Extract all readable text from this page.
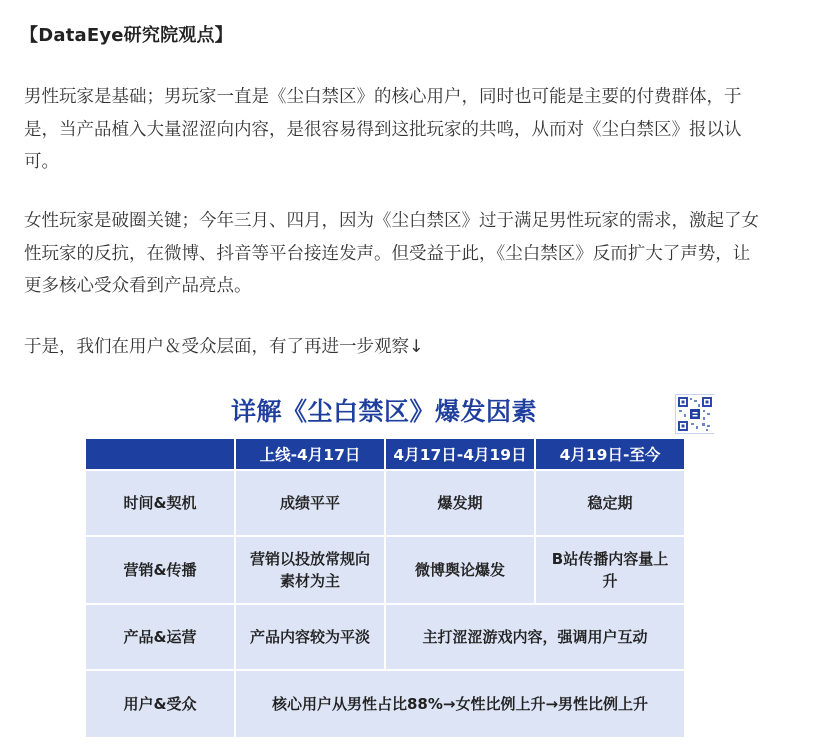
【DataEye研究院观点】

男性玩家是基础；男玩家一直是《尘白禁区》的核心用户，同时也可能是主要的付费群体，于是，当产品植入大量涩涩向内容，是很容易得到这批玩家的共鸣，从而对《尘白禁区》报以认可。

女性玩家是破圈关键；今年三月、四月，因为《尘白禁区》过于满足男性玩家的需求，激起了女性玩家的反抗，在微博、抖音等平台接连发声。但受益于此，《尘白禁区》反而扩大了声势，让更多核心受众看到产品亮点。

于是，我们在用户＆受众层面，有了再进一步观察↓

详解《尘白禁区》爆发因素
	上线-4月17日	4月17日-4月19日	4月19日-至今
时间&契机	成绩平平	爆发期	稳定期
营销&传播	营销以投放常规向素材为主	微博舆论爆发	B站传播内容量上升
产品&运营	产品内容较为平淡	主打涩涩游戏内容，强调用户互动	
用户&受众	核心用户从男性占比88%→女性比例上升→男性比例上升		
